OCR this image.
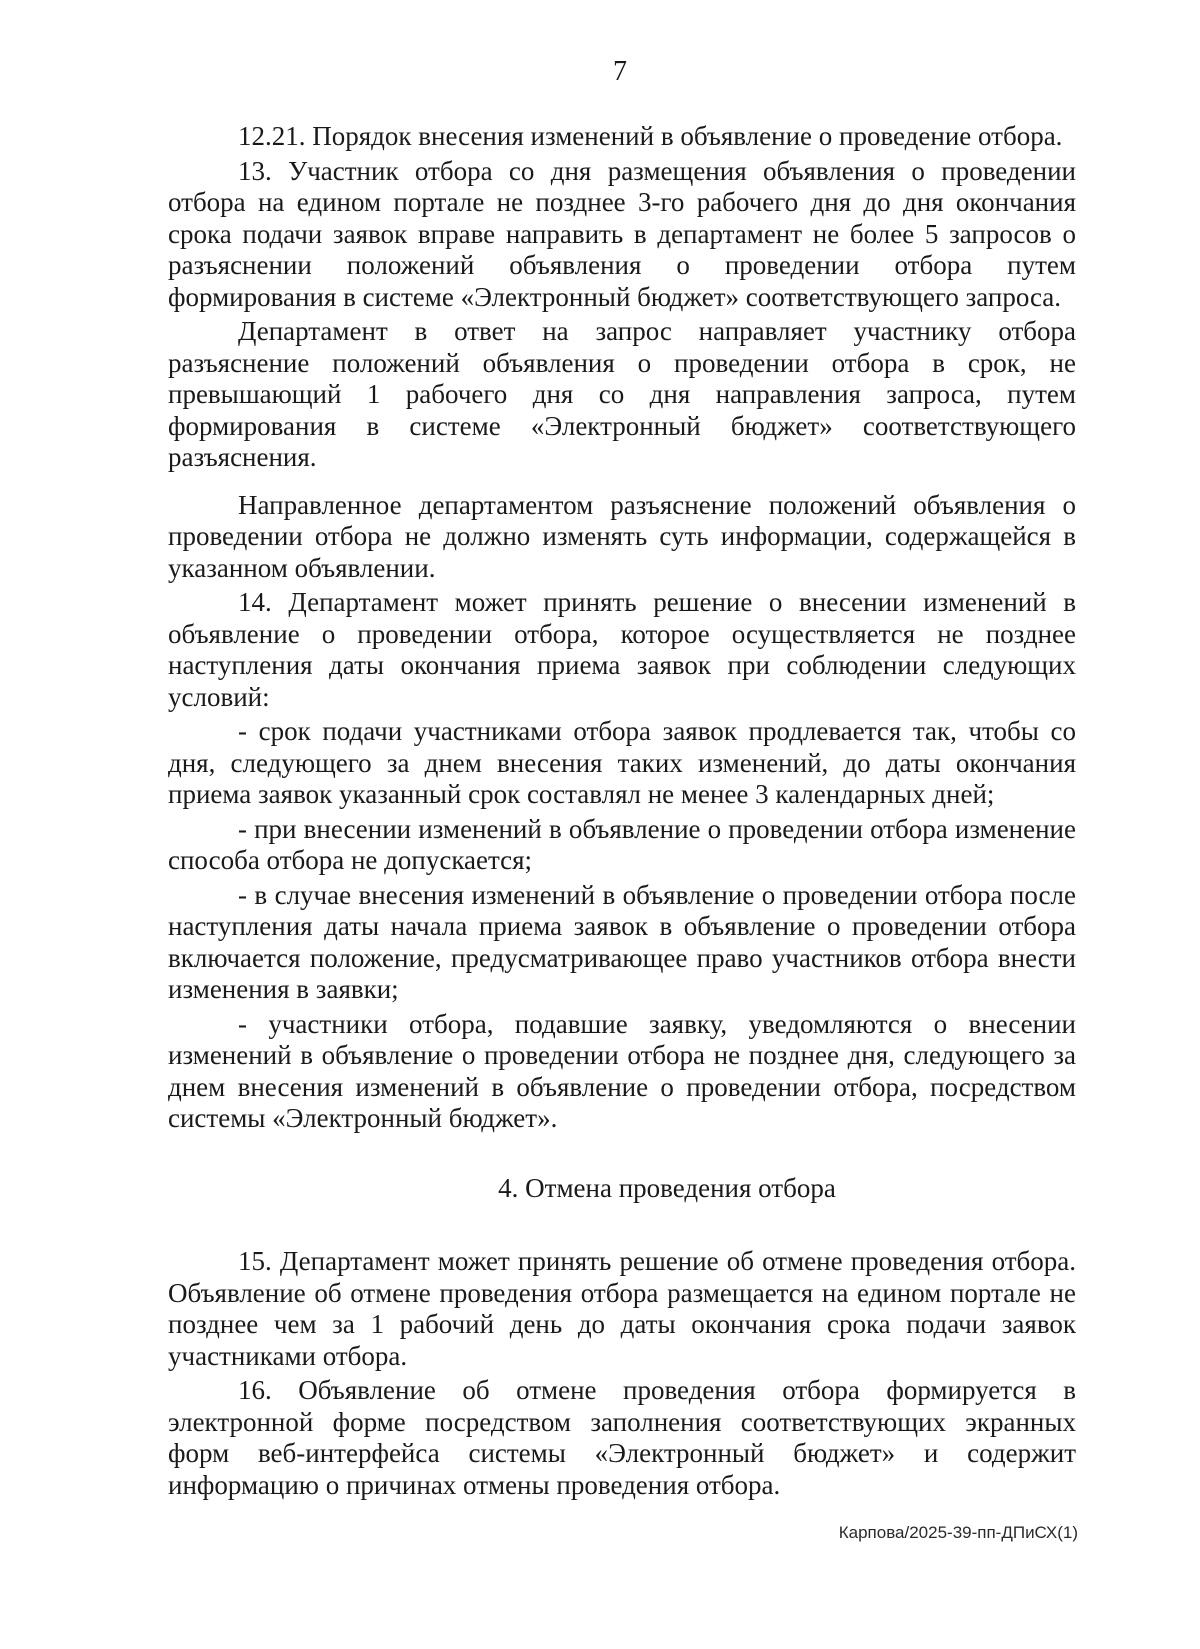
7

12.21. Порядок внесения изменений в объявление о проведение отбора.

13. Участник отбора со дня размещения объявления о проведении отбора на едином портале не позднее 3-го рабочего дня до дня окончания срока подачи заявок вправе направить в департамент не более 5 запросов о разъяснении положений объявления о проведении отбора путем формирования в системе «Электронный бюджет» соответствующего запроса.

Департамент в ответ на запрос направляет участнику отбора разъяснение положений объявления о проведении отбора в срок, не превышающий 1 рабочего дня со дня направления запроса, путем формирования в системе «Электронный бюджет» соответствующего разъяснения.

Направленное департаментом разъяснение положений объявления о проведении отбора не должно изменять суть информации, содержащейся в указанном объявлении.

14. Департамент может принять решение о внесении изменений в объявление о проведении отбора, которое осуществляется не позднее наступления даты окончания приема заявок при соблюдении следующих условий:

- срок подачи участниками отбора заявок продлевается так, чтобы со дня, следующего за днем внесения таких изменений, до даты окончания приема заявок указанный срок составлял не менее 3 календарных дней;

- при внесении изменений в объявление о проведении отбора изменение способа отбора не допускается;

- в случае внесения изменений в объявление о проведении отбора после наступления даты начала приема заявок в объявление о проведении отбора включается положение, предусматривающее право участников отбора внести изменения в заявки;

- участники отбора, подавшие заявку, уведомляются о внесении изменений в объявление о проведении отбора не позднее дня, следующего за днем внесения изменений в объявление о проведении отбора, посредством системы «Электронный бюджет».

4. Отмена проведения отбора

15. Департамент может принять решение об отмене проведения отбора. Объявление об отмене проведения отбора размещается на едином портале не позднее чем за 1 рабочий день до даты окончания срока подачи заявок участниками отбора.

16. Объявление об отмене проведения отбора формируется в электронной форме посредством заполнения соответствующих экранных форм веб-интерфейса системы «Электронный бюджет» и содержит информацию о причинах отмены проведения отбора.

Карпова/2025-39-пп-ДПиСХ(1)
